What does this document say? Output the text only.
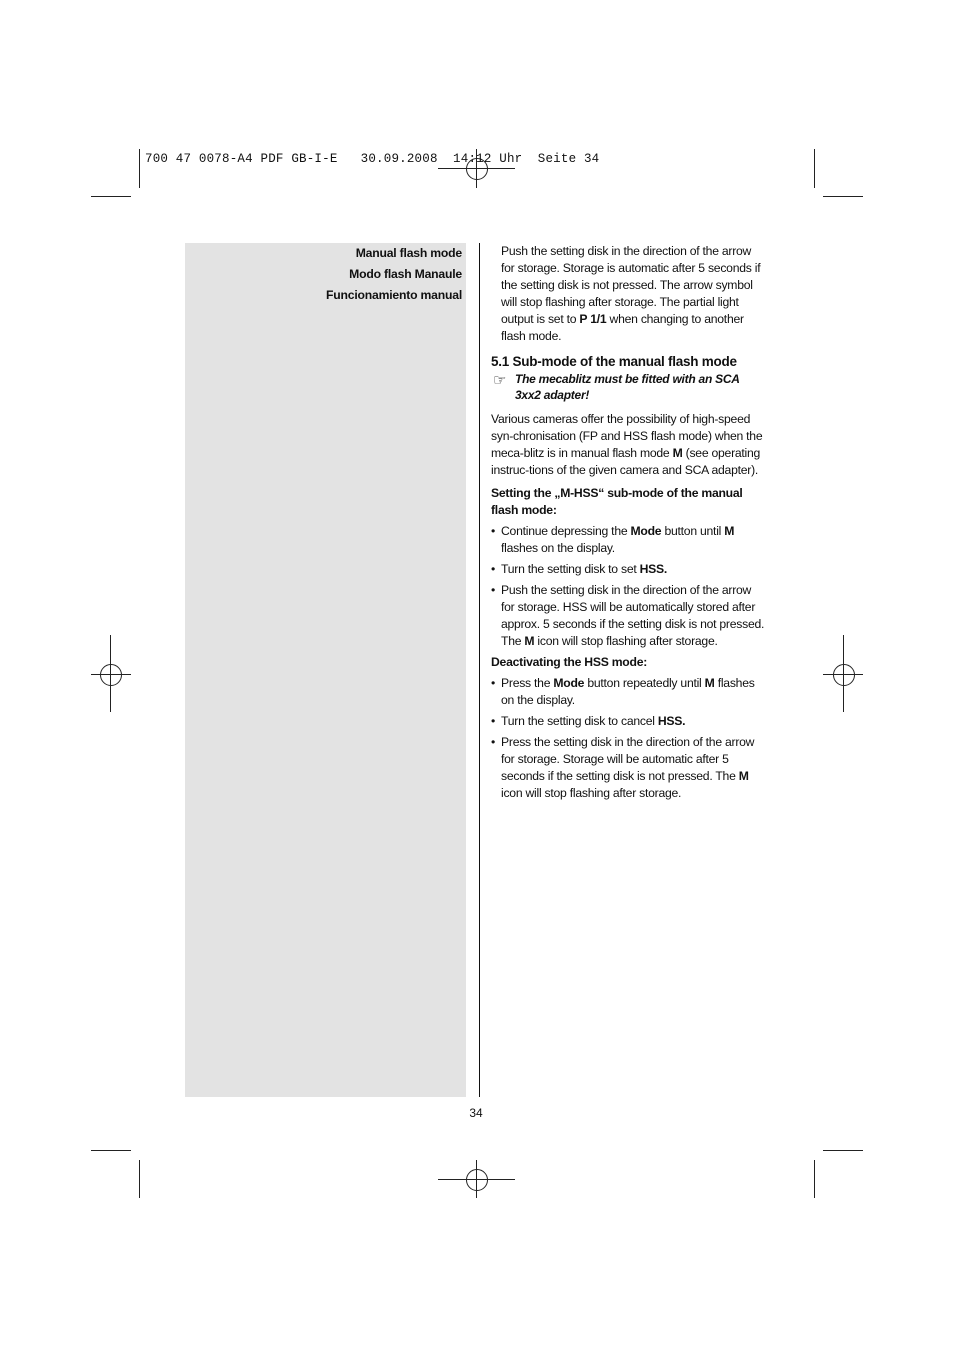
700 47 0078-A4 PDF GB-I-E   30.09.2008  14:12 Uhr  Seite 34
Manual flash mode
Modo flash Manaule
Funcionamiento manual

Push the setting disk in the direction of the arrow for storage. Storage is automatic after 5 seconds if the setting disk is not pressed. The arrow symbol will stop flashing after storage. The partial light output is set to P 1/1 when changing to another flash mode.

5.1 Sub-mode of the manual flash mode

☞ The mecablitz must be fitted with an SCA 3xx2 adapter!

Various cameras offer the possibility of high-speed syn-chronisation (FP and HSS flash mode) when the meca-blitz is in manual flash mode M (see operating instruc-tions of the given camera and SCA adapter).

Setting the „M-HSS“ sub-mode of the manual flash mode:

• Continue depressing the Mode button until M flashes on the display.
• Turn the setting disk to set HSS.
• Push the setting disk in the direction of the arrow for storage. HSS will be automatically stored after approx. 5 seconds if the setting disk is not pressed. The M icon will stop flashing after storage.

Deactivating the HSS mode:

• Press the Mode button repeatedly until M flashes on the display.
• Turn the setting disk to cancel HSS.
• Press the setting disk in the direction of the arrow for storage. Storage will be automatic after 5 seconds if the setting disk is not pressed. The M icon will stop flashing after storage.
34
